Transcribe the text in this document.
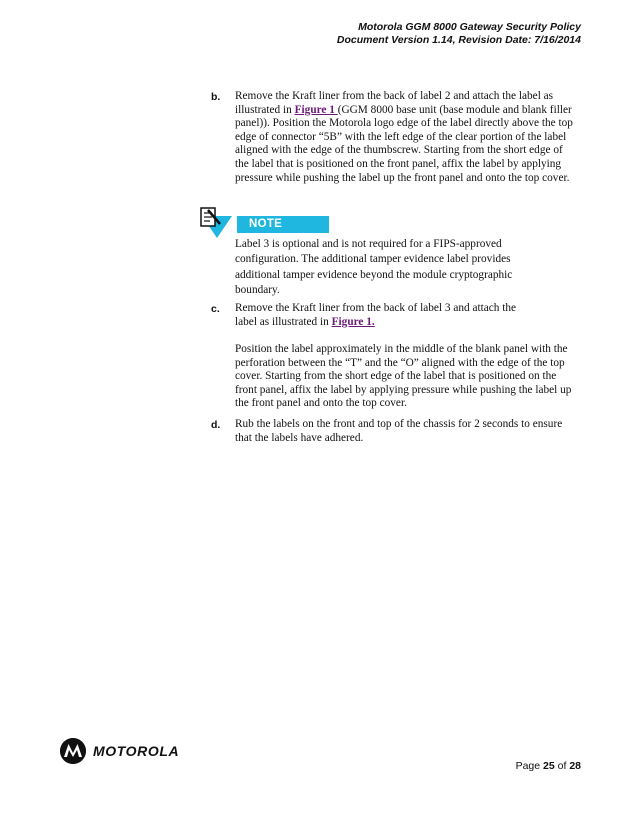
Motorola GGM 8000 Gateway Security Policy
Document Version 1.14, Revision Date: 7/16/2014
b. Remove the Kraft liner from the back of label 2 and attach the label as illustrated in Figure 1 (GGM 8000 base unit (base module and blank filler panel)). Position the Motorola logo edge of the label directly above the top edge of connector “5B” with the left edge of the clear portion of the label aligned with the edge of the thumbscrew. Starting from the short edge of the label that is positioned on the front panel, affix the label by applying pressure while pushing the label up the front panel and onto the top cover.
NOTE
Label 3 is optional and is not required for a FIPS-approved configuration. The additional tamper evidence label provides additional tamper evidence beyond the module cryptographic boundary.
c. Remove the Kraft liner from the back of label 3 and attach the label as illustrated in Figure 1.
Position the label approximately in the middle of the blank panel with the perforation between the “T” and the “O” aligned with the edge of the top cover. Starting from the short edge of the label that is positioned on the front panel, affix the label by applying pressure while pushing the label up the front panel and onto the top cover.
d. Rub the labels on the front and top of the chassis for 2 seconds to ensure that the labels have adhered.
MOTOROLA
Page 25 of 28
